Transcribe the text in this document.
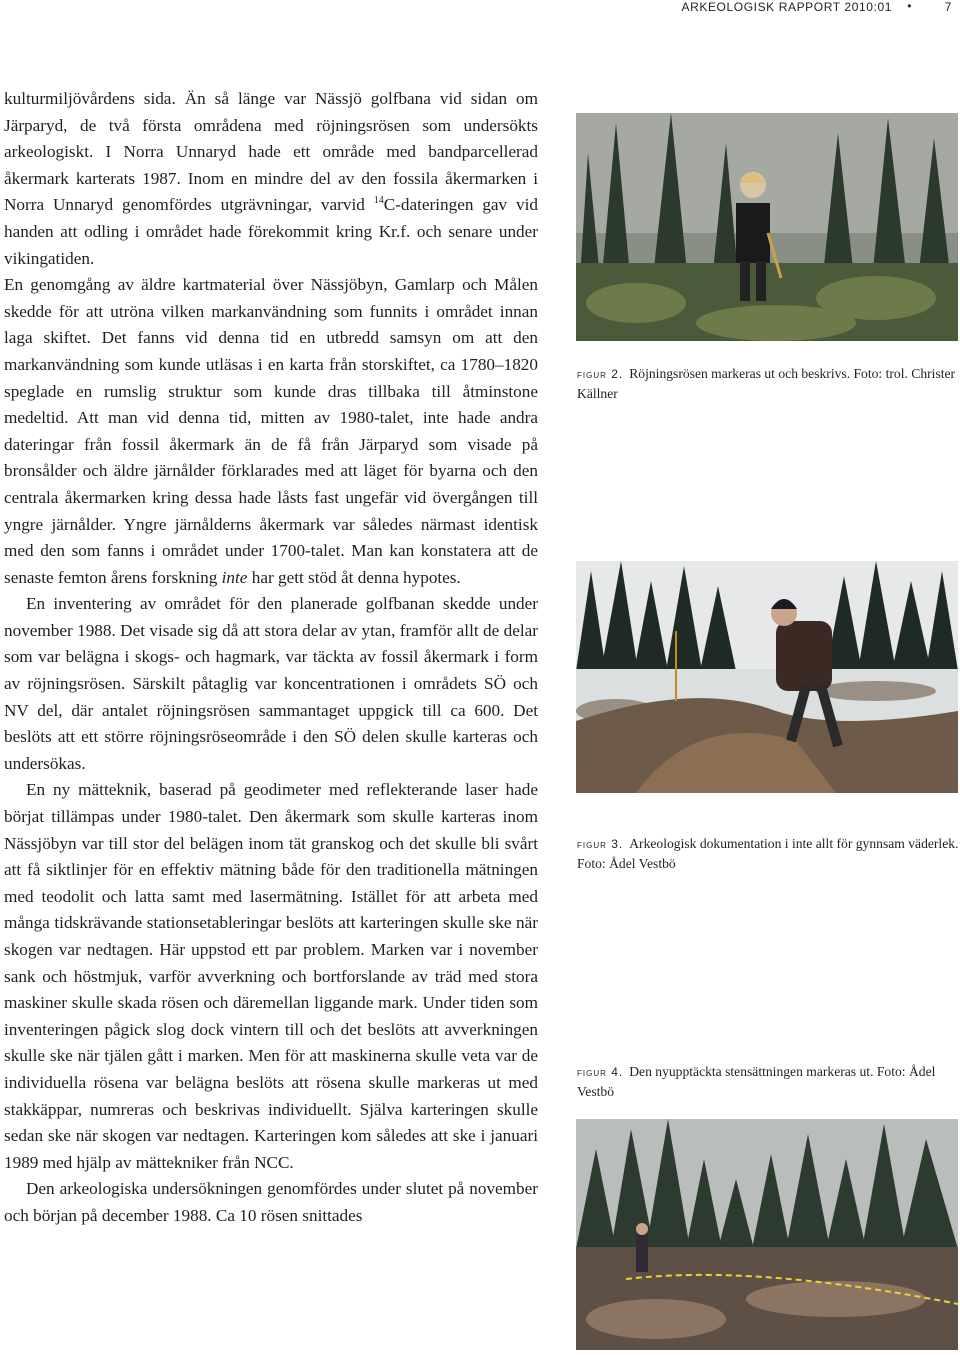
ARKEOLOGISK RAPPORT 2010:01 •	7

kulturmiljövårdens sida. Än så länge var Nässjö golfbana vid sidan om Järparyd, de två första områdena med röjningsrösen som undersökts arkeologiskt. I Norra Unnaryd hade ett område med bandparcellerad åkermark karterats 1987. Inom en mindre del av den fossila åkermarken i Norra Unnaryd genomfördes utgrävningar, varvid $^{14}$C-dateringen gav vid handen att odling i området hade förekommit kring Kr.f. och senare under vikingatiden.

En genomgång av äldre kartmaterial över Nässjöbyn, Gamlarp och Målen skedde för att utröna vilken markanvändning som funnits i området innan laga skiftet. Det fanns vid denna tid en utbredd samsyn om att den markanvändning som kunde utläsas i en karta från storskiftet, ca 1780–1820 speglade en rumslig struktur som kunde dras tillbaka till åtminstone medeltid. Att man vid denna tid, mitten av 1980-talet, inte hade andra dateringar från fossil åkermark än de få från Järparyd som visade på bronsålder och äldre järnålder förklarades med att läget för byarna och den centrala åkermarken kring dessa hade låsts fast ungefär vid övergången till yngre järnålder. Yngre järnålderns åkermark var således närmast identisk med den som fanns i området under 1700-talet. Man kan konstatera att de senaste femton årens forskning inte har gett stöd åt denna hypotes.

En inventering av området för den planerade golfbanan skedde under november 1988. Det visade sig då att stora delar av ytan, framför allt de delar som var belägna i skogs- och hagmark, var täckta av fossil åkermark i form av röjningsrösen. Särskilt påtaglig var koncentrationen i områdets SÖ och NV del, där antalet röjningsrösen sammantaget uppgick till ca 600. Det beslöts att ett större röjningsröseområde i den SÖ delen skulle karteras och undersökas.

En ny mätteknik, baserad på geodimeter med reflekterande laser hade börjat tillämpas under 1980-talet. Den åkermark som skulle karteras inom Nässjöbyn var till stor del belägen inom tät granskog och det skulle bli svårt att få siktlinjer för en effektiv mätning både för den traditionella mätningen med teodolit och latta samt med lasermätning. Istället för att arbeta med många tidskrävande stationsetableringar beslöts att karteringen skulle ske när skogen var nedtagen. Här uppstod ett par problem. Marken var i november sank och höstmjuk, varför avverkning och bortforslande av träd med stora maskiner skulle skada rösen och däremellan liggande mark. Under tiden som inventeringen pågick slog dock vintern till och det beslöts att avverkningen skulle ske när tjälen gått i marken. Men för att maskinerna skulle veta var de individuella rösena var belägna beslöts att rösena skulle markeras ut med stakkäppar, numreras och beskrivas individuellt. Själva karteringen skulle sedan ske när skogen var nedtagen. Karteringen kom således att ske i januari 1989 med hjälp av mättekniker från NCC.

Den arkeologiska undersökningen genomfördes under slutet på november och början på december 1988. Ca 10 rösen snittades

figur 2. Röjningsrösen markeras ut och beskrivs. Foto: trol. Christer Källner
figur 3. Arkeologisk dokumentation i inte allt för gynnsam väderlek. Foto: Ådel Vestbö
figur 4. Den nyupptäckta stensättningen markeras ut. Foto: Ådel Vestbö
